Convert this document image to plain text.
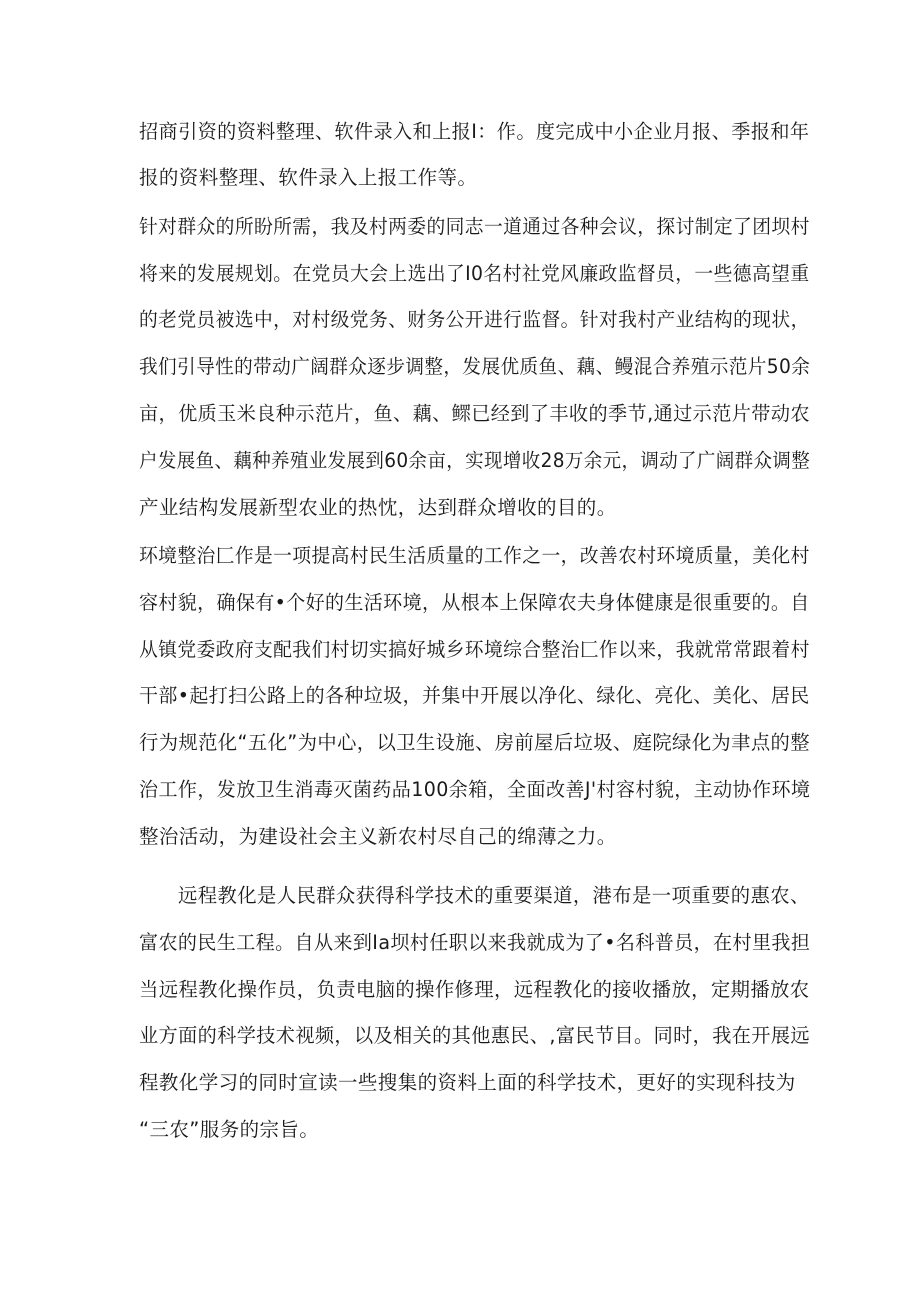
招商引资的资料整理、软件录入和上报I：作。度完成中小企业月报、季报和年
报的资料整理、软件录入上报工作等。
针对群众的所盼所需，我及村两委的同志一道通过各种会议，探讨制定了团坝村
将来的发展规划。在党员大会上选出了I0名村社党风廉政监督员，一些德高望重
的老党员被选中，对村级党务、财务公开进行监督。针对我村产业结构的现状，
我们引导性的带动广阔群众逐步调整，发展优质鱼、藕、鳗混合养殖示范片50余
亩，优质玉米良种示范片，鱼、藕、鳏已经到了丰收的季节,通过示范片带动农
户发展鱼、藕种养殖业发展到60余亩，实现增收28万余元，调动了广阔群众调整
产业结构发展新型农业的热忱，达到群众增收的目的。
环境整治匚作是一项提高村民生活质量的工作之一，改善农村环境质量，美化村
容村貌，确保有•个好的生活环境，从根本上保障农夫身体健康是很重要的。自
从镇党委政府支配我们村切实搞好城乡环境综合整治匚作以来，我就常常跟着村
干部•起打扫公路上的各种垃圾，并集中开展以净化、绿化、亮化、美化、居民
行为规范化“五化”为中心，以卫生设施、房前屋后垃圾、庭院绿化为聿点的整
治工作，发放卫生消毒灭菌药品100余箱，全面改善J'村容村貌，主动协作环境
整治活动，为建设社会主义新农村尽自己的绵薄之力。
远程教化是人民群众获得科学技术的重要渠道，港布是一项重要的惠农、
富农的民生工程。自从来到Ia坝村任职以来我就成为了•名科普员，在村里我担
当远程教化操作员，负责电脑的操作修理，远程教化的接收播放，定期播放农
业方面的科学技术视频，以及相关的其他惠民、,富民节目。同时，我在开展远
程教化学习的同时宣读一些搜集的资料上面的科学技术，更好的实现科技为
“三农”服务的宗旨。
